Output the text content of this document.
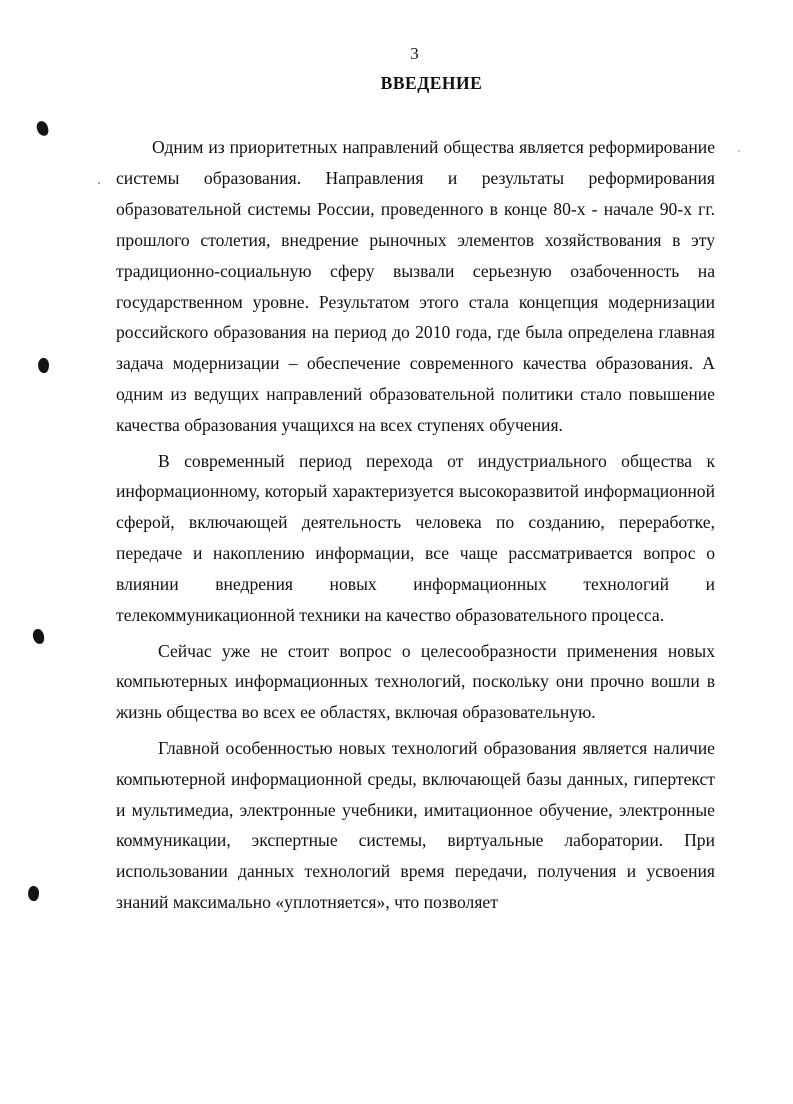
3
ВВЕДЕНИЕ

Одним из приоритетных направлений общества является реформирование системы образования. Направления и результаты реформирования образовательной системы России, проведенного в конце 80-х - начале 90-х гг. прошлого столетия, внедрение рыночных элементов хозяйствования в эту традиционно-социальную сферу вызвали серьезную озабоченность на государственном уровне. Результатом этого стала концепция модернизации российского образования на период до 2010 года, где была определена главная задача модернизации – обеспечение современного качества образования. А одним из ведущих направлений образовательной политики стало повышение качества образования учащихся на всех ступенях обучения.

В современный период перехода от индустриального общества к информационному, который характеризуется высокоразвитой информационной сферой, включающей деятельность человека по созданию, переработке, передаче и накоплению информации, все чаще рассматривается вопрос о влиянии внедрения новых информационных технологий и телекоммуникационной техники на качество образовательного процесса.

Сейчас уже не стоит вопрос о целесообразности применения новых компьютерных информационных технологий, поскольку они прочно вошли в жизнь общества во всех ее областях, включая образовательную.

Главной особенностью новых технологий образования является наличие компьютерной информационной среды, включающей базы данных, гипертекст и мультимедиа, электронные учебники, имитационное обучение, электронные коммуникации, экспертные системы, виртуальные лаборатории. При использовании данных технологий время передачи, получения и усвоения знаний максимально «уплотняется», что позволяет
